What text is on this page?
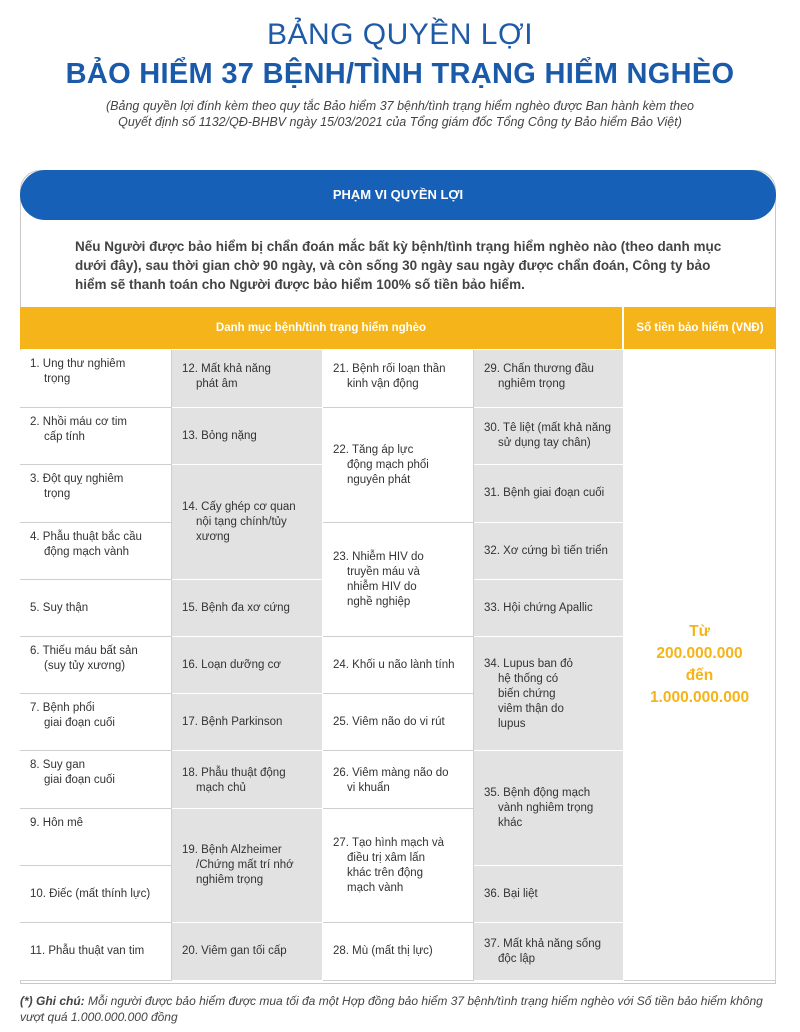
BẢNG QUYỀN LỢI
BẢO HIỂM 37 BỆNH/TÌNH TRẠNG HIỂM NGHÈO
(Bảng quyền lợi đính kèm theo quy tắc Bảo hiểm 37 bệnh/tình trạng hiểm nghèo được Ban hành kèm theo
Quyết định số 1132/QĐ-BHBV ngày 15/03/2021 của Tổng giám đốc Tổng Công ty Bảo hiểm Bảo Việt)
PHẠM VI QUYỀN LỢI
Nếu Người được bảo hiểm bị chẩn đoán mắc bất kỳ bệnh/tình trạng hiểm nghèo nào (theo danh mục dưới đây), sau thời gian chờ 90 ngày, và còn sống 30 ngày sau ngày được chẩn đoán, Công ty bảo hiểm sẽ thanh toán cho Người được bảo hiểm 100% số tiền bảo hiểm.
Danh mục bệnh/tình trạng hiểm nghèo	Số tiền bảo hiểm (VNĐ)
1. Ung thư nghiêm
trọng
2. Nhồi máu cơ tim
cấp tính
3. Đột quỵ nghiêm
trọng
4. Phẫu thuật bắc cầu
động mạch vành
5. Suy thận
6. Thiếu máu bất sản
(suy tủy xương)
7. Bệnh phổi
giai đoạn cuối
8. Suy gan
giai đoạn cuối
9. Hôn mê
10. Điếc (mất thính lực)
11. Phẫu thuật van tim
12. Mất khả năng
phát âm
13. Bỏng nặng
14. Cấy ghép cơ quan
nội tạng chính/tủy
xương
15. Bệnh đa xơ cứng
16. Loạn dưỡng cơ
17. Bệnh Parkinson
18. Phẫu thuật động
mạch chủ
19. Bệnh Alzheimer
/Chứng mất trí nhớ
nghiêm trọng
20. Viêm gan tối cấp
21. Bệnh rối loạn thần
kinh vận động
22. Tăng áp lực
động mạch phổi
nguyên phát
23. Nhiễm HIV do
truyền máu và
nhiễm HIV do
nghề nghiệp
24. Khối u não lành tính
25. Viêm não do vi rút
26. Viêm màng não do
vi khuẩn
27. Tạo hình mạch và
điều trị xâm lấn
khác trên động
mạch vành
28. Mù (mất thị lực)
29. Chấn thương đầu
nghiêm trọng
30. Tê liệt (mất khả năng
sử dụng tay chân)
31. Bệnh giai đoạn cuối
32. Xơ cứng bì tiến triển
33. Hội chứng Apallic
34. Lupus ban đỏ
hệ thống có
biến chứng
viêm thận do
lupus
35. Bệnh động mạch
vành nghiêm trọng
khác
36. Bại liệt
37. Mất khả năng sống
độc lập
Từ
200.000.000
đến
1.000.000.000
(*) Ghi chú: Mỗi người được bảo hiểm được mua tối đa một Hợp đồng bảo hiểm 37 bệnh/tình trạng hiểm nghèo với Số tiền bảo hiểm không vượt quá 1.000.000.000 đồng
